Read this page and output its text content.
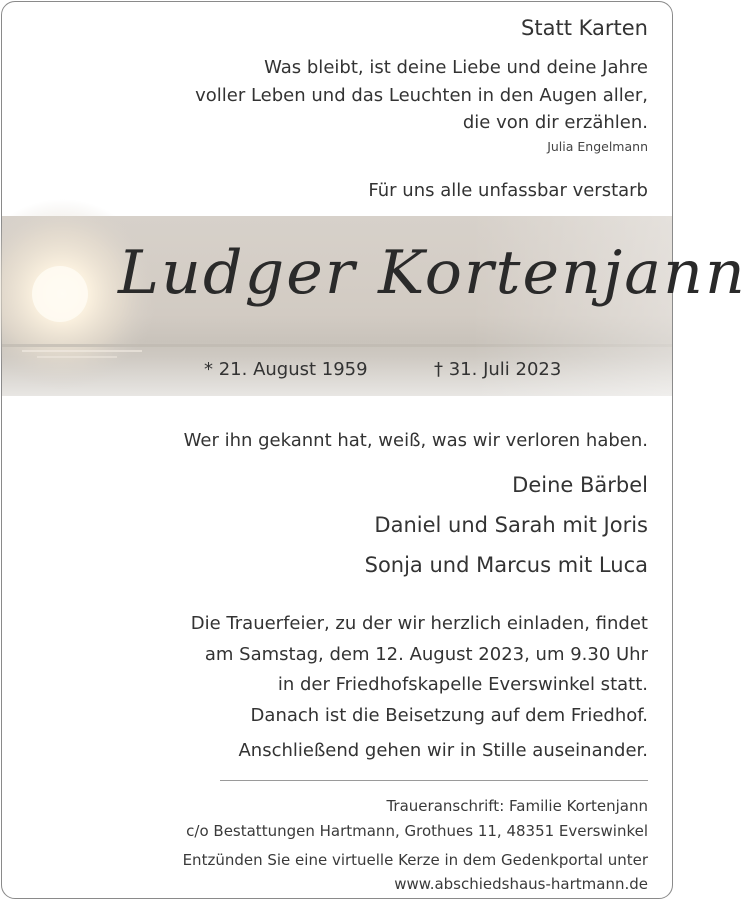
Statt Karten
Was bleibt, ist deine Liebe und deine Jahre
voller Leben und das Leuchten in den Augen aller,
die von dir erzählen.
Julia Engelmann
Für uns alle unfassbar verstarb
Ludger Kortenjann
* 21. August 1959	† 31. Juli 2023
Wer ihn gekannt hat, weiß, was wir verloren haben.
Deine Bärbel
Daniel und Sarah mit Joris
Sonja und Marcus mit Luca
Die Trauerfeier, zu der wir herzlich einladen, findet
am Samstag, dem 12. August 2023, um 9.30 Uhr
in der Friedhofskapelle Everswinkel statt.
Danach ist die Beisetzung auf dem Friedhof.
Anschließend gehen wir in Stille auseinander.
Traueranschrift: Familie Kortenjann
c/o Bestattungen Hartmann, Grothues 11, 48351 Everswinkel
Entzünden Sie eine virtuelle Kerze in dem Gedenkportal unter
www.abschiedshaus-hartmann.de
